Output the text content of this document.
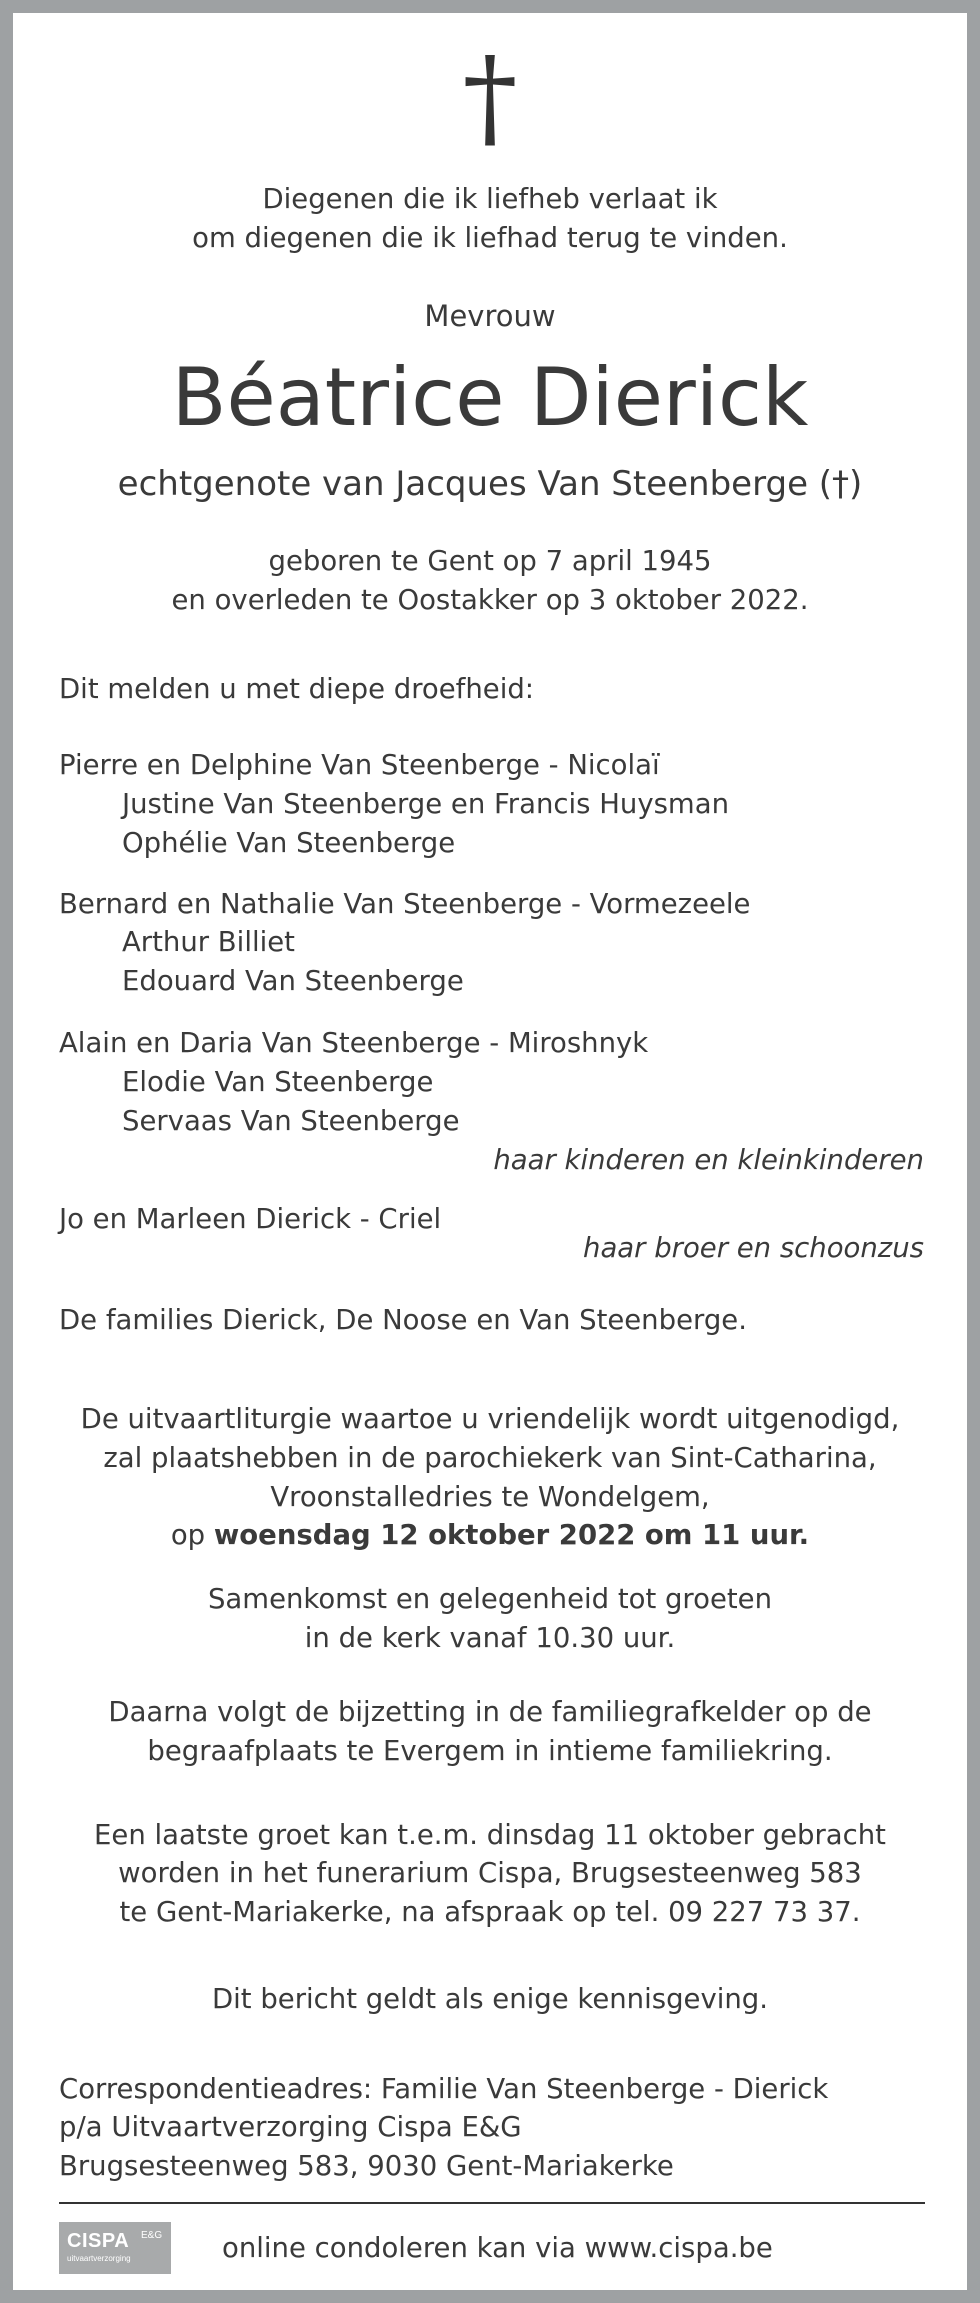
†

Diegenen die ik liefheb verlaat ik

om diegenen die ik liefhad terug te vinden.

Mevrouw

Béatrice Dierick

echtgenote van Jacques Van Steenberge (†)

geboren te Gent op 7 april 1945

en overleden te Oostakker op 3 oktober 2022.

Dit melden u met diepe droefheid:

Pierre en Delphine Van Steenberge - Nicolaï

Justine Van Steenberge en Francis Huysman

Ophélie Van Steenberge

Bernard en Nathalie Van Steenberge - Vormezeele

Arthur Billiet

Edouard Van Steenberge

Alain en Daria Van Steenberge - Miroshnyk

Elodie Van Steenberge

Servaas Van Steenberge

haar kinderen en kleinkinderen

Jo en Marleen Dierick - Criel

haar broer en schoonzus

De families Dierick, De Noose en Van Steenberge.

De uitvaartliturgie waartoe u vriendelijk wordt uitgenodigd,

zal plaatshebben in de parochiekerk van Sint-Catharina,

Vroonstalledries te Wondelgem,

op woensdag 12 oktober 2022 om 11 uur.

Samenkomst en gelegenheid tot groeten

in de kerk vanaf 10.30 uur.

Daarna volgt de bijzetting in de familiegrafkelder op de

begraafplaats te Evergem in intieme familiekring.

Een laatste groet kan t.e.m. dinsdag 11 oktober gebracht

worden in het funerarium Cispa, Brugsesteenweg 583

te Gent-Mariakerke, na afspraak op tel. 09 227 73 37.

Dit bericht geldt als enige kennisgeving.

Correspondentieadres: Familie Van Steenberge - Dierick

p/a Uitvaartverzorging Cispa E&G

Brugsesteenweg 583, 9030 Gent-Mariakerke

CISPA E&G
uitvaartverzorging	online condoleren kan via www.cispa.be
